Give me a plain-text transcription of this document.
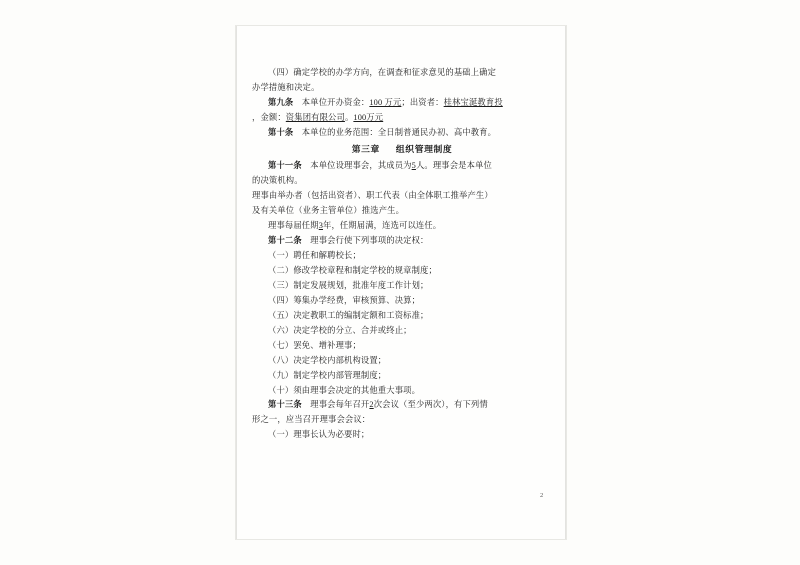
（四）确定学校的办学方向，在调查和征求意见的基础上确定
办学措施和决定。
第九条　 本单位开办资金：100 万元；出资者：桂林宝涎教育投
，金额：资集团有限公司。100万元
第十条　 本单位的业务范围：全日制普通民办初、高中教育。
第三章 组织管理制度
第十一条　 本单位设理事会，其成员为5人。理事会是本单位
的决策机构。
理事由举办者（包括出资者）、职工代表（由全体职工推举产生）
及有关单位（业务主管单位）推选产生。
理事每届任期3年，任期届满，连选可以连任。
第十二条　 理事会行使下列事项的决定权：
（一）聘任和解聘校长；
（二）修改学校章程和制定学校的规章制度；
（三）制定发展规划，批准年度工作计划；
（四）筹集办学经费，审核预算、决算；
（五）决定教职工的编制定额和工资标准；
（六）决定学校的分立、合并或终止；
（七）罢免、增补理事；
（八）决定学校内部机构设置；
（九）制定学校内部管理制度；
（十）须由理事会决定的其他重大事项。
第十三条　 理事会每年召开2次会议（至少两次），有下列情
形之一，应当召开理事会会议：
（一）理事长认为必要时；
2
